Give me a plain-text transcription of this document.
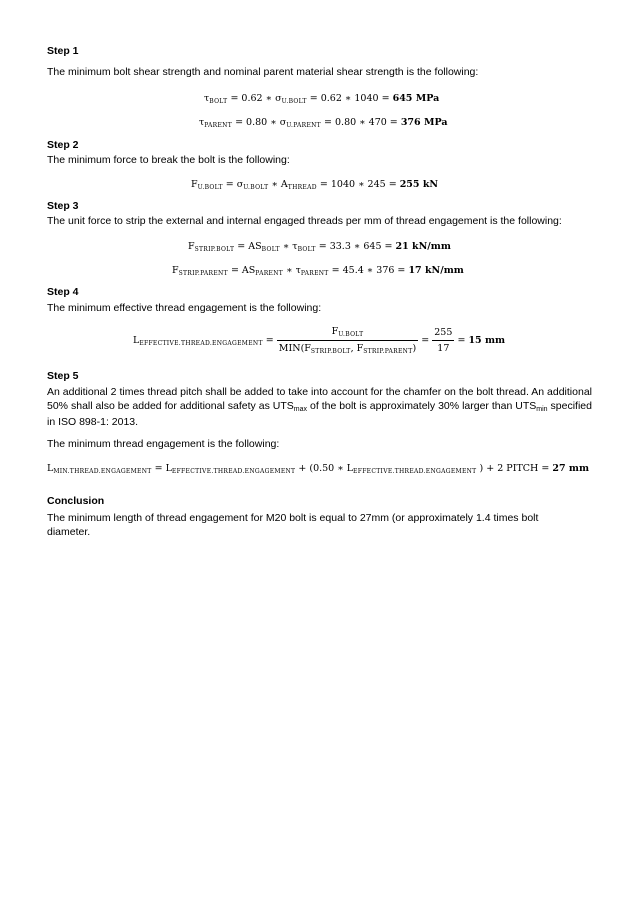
Step 1
The minimum bolt shear strength and nominal parent material shear strength is the following:
$\tau_{BOLT} = 0.62$ ∗ $\sigma_{U.BOLT} = 0.62$ ∗ 1040 = 645 MPa
$\tau_{PARENT} = 0.80$ ∗ $\sigma_{U.PARENT} = 0.80$ ∗ 470 = 376 MPa
Step 2
The minimum force to break the bolt is the following:
$F_{U.BOLT} = \sigma_{U.BOLT}$ ∗ $A_{THREAD} = 1040$ ∗ 245 = 255 kN
Step 3
The unit force to strip the external and internal engaged threads per mm of thread engagement is the following:
$F_{STRIP.BOLT} = AS_{BOLT}$ ∗ $\tau_{BOLT} = 33.3$ ∗ 645 = 21 kN/mm
$F_{STRIP.PARENT} = AS_{PARENT}$ ∗ $\tau_{PARENT} = 45.4$ ∗ 376 = 17 kN/mm
Step 4
The minimum effective thread engagement is the following:
$L_{EFFECTIVE.THREAD.ENGAGEMENT} = \frac{F_{U.BOLT}}{MIN(F_{STRIP.BOLT}, F_{STRIP.PARENT})} = \frac{255}{17} = 15$ mm
Step 5
An additional 2 times thread pitch shall be added to take into account for the chamfer on the bolt thread. An additional 50% shall also be added for additional safety as $UTS_{max}$ of the bolt is approximately 30% larger than $UTS_{min}$ specified in ISO 898-1: 2013.
The minimum thread engagement is the following:
$L_{MIN.THREAD.ENGAGEMENT} = L_{EFFECTIVE.THREAD.ENGAGEMENT} + (0.50$ ∗ $L_{EFFECTIVE.THREAD.ENGAGEMENT}$ ) + 2 PITCH = 27 mm
Conclusion
The minimum length of thread engagement for M20 bolt is equal to 27mm (or approximately 1.4 times bolt diameter.
